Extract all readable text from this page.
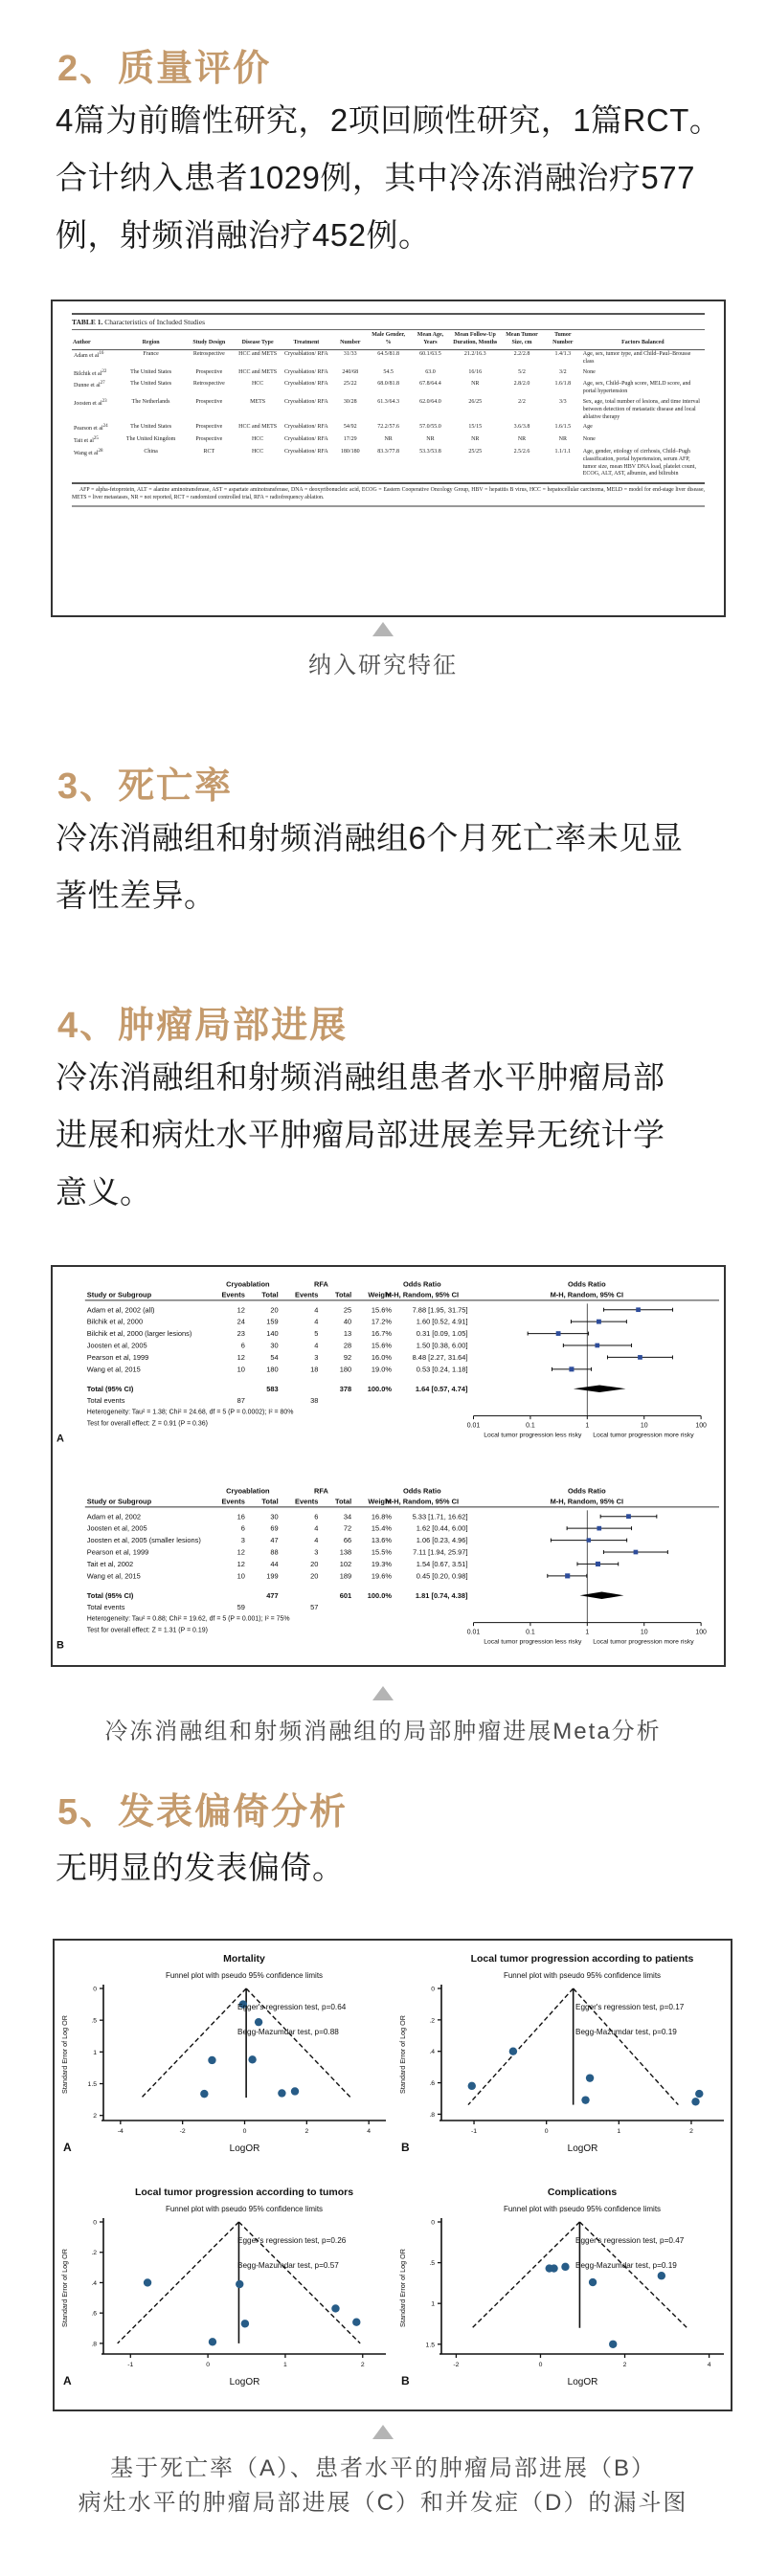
2、质量评价
4篇为前瞻性研究，2项回顾性研究，1篇RCT。
合计纳入患者1029例，其中冷冻消融治疗577
例，射频消融治疗452例。
TABLE 1. Characteristics of Included Studies
Author	Region	Study Design	Disease Type	Treatment	Number	Male Gender, %	Mean Age, Years	Mean Follow-Up Duration, Months	Mean Tumor Size, cm	Tumor Number	Factors Balanced
Adam et $al^{16}$	France	Retrospective	HCC and METS	Cryoablation/ RFA	31/33	64.5/81.8	60.1/63.5	21.2/16.3	2.2/2.8	1.4/1.3	Age, sex, tumor type, and Child–Paul–Brousse class
Bilchik et $al^{22}$	The United States	Prospective	HCC and METS	Cryoablation/ RFA	240/68	54.5	63.0	16/16	5/2	3/2	None
Dunne et $al^{27}$	The United States	Retrospective	HCC	Cryoablation/ RFA	25/22	68.0/81.8	67.8/64.4	NR	2.8/2.0	1.6/1.8	Age, sex, Child–Pugh score, MELD score, and portal hypertension
Joosten et $al^{23}$	The Netherlands	Prospective	METS	Cryoablation/ RFA	30/28	61.3/64.3	62.0/64.0	26/25	2/2	3/3	Sex, age, total number of lesions, and time interval between detection of metastatic disease and local ablative therapy
Pearson et $al^{24}$	The United States	Prospective	HCC and METS	Cryoablation/ RFA	54/92	72.2/57.6	57.0/55.0	15/15	3.6/3.8	1.6/1.5	Age
Tait et $al^{25}$	The United Kingdom	Prospective	HCC	Cryoablation/ RFA	17/29	NR	NR	NR	NR	NR	None
Wang et $al^{28}$	China	RCT	HCC	Cryoablation/ RFA	180/180	83.3/77.8	53.3/53.8	25/25	2.5/2.6	1.1/1.1	Age, gender, etiology of cirrhosis, Child–Pugh classification, portal hypertension, serum AFP, tumor size, mean HBV DNA load, platelet count, ECOG, ALT, AST, albumin, and bilirubin
AFP = alpha-fetoprotein, ALT = alanine aminotransferase, AST = aspartate aminotransferase, DNA = deoxyribonucleic acid, ECOG = Eastern Cooperative Oncology Group, HBV = hepatitis B virus, HCC = hepatocellular carcinoma, MELD = model for end-stage liver disease, METS = liver metastases, NR = not reported, RCT = randomized controlled trial, RFA = radiofrequency ablation.
纳入研究特征
3、死亡率
冷冻消融组和射频消融组6个月死亡率未见显
著性差异。
4、肿瘤局部进展
冷冻消融组和射频消融组患者水平肿瘤局部
进展和病灶水平肿瘤局部进展差异无统计学
意义。
Cryoablation	RFA	Odds Ratio	Odds Ratio
Study or Subgroup	Events Total Events Total Weight
M-H, Random, 95% CI	M-H, Random, 95% CI
Adam et al, 2002 (all)	12	20	4	25	15.6%	7.88 [1.95, 31.75]
Bilchik et al, 2000	24	159	4	40	17.2%	1.60 [0.52, 4.91]
Bilchik et al, 2000 (larger lesions)	23	140	5	13	16.7%	0.31 [0.09, 1.05]
Joosten et al, 2005	6	30	4	28	15.6%	1.50 [0.38, 6.00]
Pearson et al, 1999	12	54	3	92	16.0%	8.48 [2.27, 31.64]
Wang et al, 2015	10	180	18	180	19.0%	0.53 [0.24, 1.18]
Total (95% CI)	583	378 100.0%	1.64 [0.57, 4.74]
Total events	87	38
Heterogeneity: Tau² = 1.38; Chi² = 24.68, df = 5 (P = 0.0002); I² = 80%
Test for overall effect: Z = 0.91 (P = 0.36)	0.01	0.1	1	10	100
Local tumor progression less risky Local tumor progression more risky
A
Cryoablation	RFA	Odds Ratio	Odds Ratio
Study or Subgroup	Events Total Events Total Weight
M-H, Random, 95% CI	M-H, Random, 95% CI
Adam et al, 2002	16	30	6	34	16.8%	5.33 [1.71, 16.62]
Joosten et al, 2005	6	69	4	72	15.4%	1.62 [0.44, 6.00]
Joosten et al, 2005 (smaller lesions)	3	47	4	66	13.6%	1.06 [0.23, 4.96]
Pearson et al, 1999	12	88	3	138	15.5%	7.11 [1.94, 25.97]
Tait et al, 2002	12	44	20	102	19.3%	1.54 [0.67, 3.51]
Wang et al, 2015	10	199	20	189	19.6%	0.45 [0.20, 0.98]
Total (95% CI)	477	601 100.0%	1.81 [0.74, 4.38]
Total events	59	57
Heterogeneity: Tau² = 0.88; Chi² = 19.62, df = 5 (P = 0.001); I² = 75%
Test for overall effect: Z = 1.31 (P = 0.19)	0.01	0.1	1	10	100
Local tumor progression less risky Local tumor progression more risky
B
冷冻消融组和射频消融组的局部肿瘤进展Meta分析
5、发表偏倚分析
无明显的发表偏倚。
Mortality
Funnel plot with pseudo 95% confidence limits
0
.5
1
1.5
2
-4	-2	0	2	4
Egger's regression test, p=0.64
Begg-Mazumdar test, p=0.88
Standard Error of Log OR
LogOR
A
Local tumor progression according to patients
Funnel plot with pseudo 95% confidence limits
0
.2
.4
.6
.8
-1	0	1	2
Egger's regression test, p=0.17
Begg-Mazumdar test, p=0.19
Standard Error of Log OR
LogOR
B
Local tumor progression according to tumors
Funnel plot with pseudo 95% confidence limits
0
.2
.4
.6
.8
-1	0	1	2
Egger's regression test, p=0.26
Begg-Mazumdar test, p=0.57
Standard Error of Log OR
LogOR
A
Complications
Funnel plot with pseudo 95% confidence limits
0
.5
1
1.5
-2	0	2	4
Egger's regression test, p=0.47
Begg-Mazumdar test, p=0.19
Standard Error of Log OR
LogOR
B
基于死亡率（A）、患者水平的肿瘤局部进展（B）
病灶水平的肿瘤局部进展（C）和并发症（D）的漏斗图
